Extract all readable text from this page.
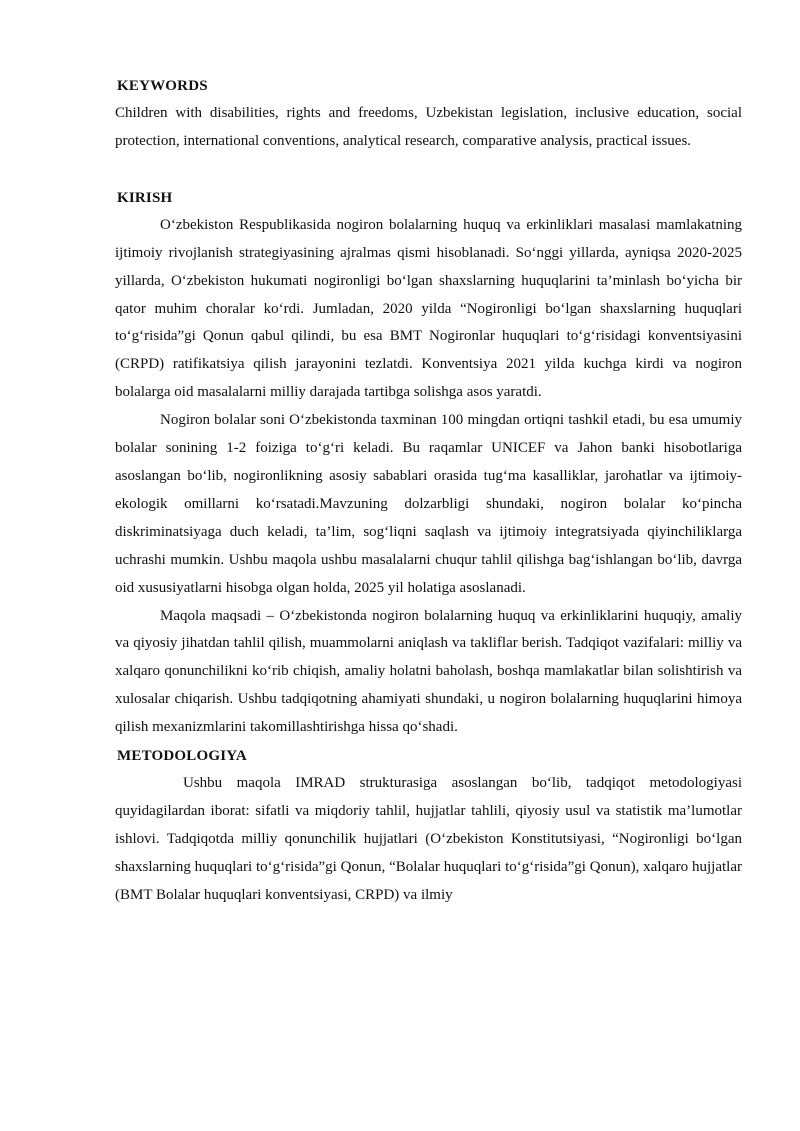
KEYWORDS

Children with disabilities, rights and freedoms, Uzbekistan legislation, inclusive education, social protection, international conventions, analytical research, comparative analysis, practical issues.

KIRISH

O‘zbekiston Respublikasida nogiron bolalarning huquq va erkinliklari masalasi mamlakatning ijtimoiy rivojlanish strategiyasining ajralmas qismi hisoblanadi. So‘nggi yillarda, ayniqsa 2020-2025 yillarda, O‘zbekiston hukumati nogironligi bo‘lgan shaxslarning huquqlarini ta’minlash bo‘yicha bir qator muhim choralar ko‘rdi. Jumladan, 2020 yilda “Nogironligi bo‘lgan shaxslarning huquqlari to‘g‘risida”gi Qonun qabul qilindi, bu esa BMT Nogironlar huquqlari to‘g‘risidagi konventsiyasini (CRPD) ratifikatsiya qilish jarayonini tezlatdi. Konventsiya 2021 yilda kuchga kirdi va nogiron bolalarga oid masalalarni milliy darajada tartibga solishga asos yaratdi.

Nogiron bolalar soni O‘zbekistonda taxminan 100 mingdan ortiqni tashkil etadi, bu esa umumiy bolalar sonining 1-2 foiziga to‘g‘ri keladi. Bu raqamlar UNICEF va Jahon banki hisobotlariga asoslangan bo‘lib, nogironlikning asosiy sabablari orasida tug‘ma kasalliklar, jarohatlar va ijtimoiy-ekologik omillarni ko‘rsatadi.Mavzuning dolzarbligi shundaki, nogiron bolalar ko‘pincha diskriminatsiyaga duch keladi, ta’lim, sog‘liqni saqlash va ijtimoiy integratsiyada qiyinchiliklarga uchrashi mumkin. Ushbu maqola ushbu masalalarni chuqur tahlil qilishga bag‘ishlangan bo‘lib, davrga oid xususiyatlarni hisobga olgan holda, 2025 yil holatiga asoslanadi.

Maqola maqsadi – O‘zbekistonda nogiron bolalarning huquq va erkinliklarini huquqiy, amaliy va qiyosiy jihatdan tahlil qilish, muammolarni aniqlash va takliflar berish. Tadqiqot vazifalari: milliy va xalqaro qonunchilikni ko‘rib chiqish, amaliy holatni baholash, boshqa mamlakatlar bilan solishtirish va xulosalar chiqarish. Ushbu tadqiqotning ahamiyati shundaki, u nogiron bolalarning huquqlarini himoya qilish mexanizmlarini takomillashtirishga hissa qo‘shadi.

METODOLOGIYA

Ushbu maqola IMRAD strukturasiga asoslangan bo‘lib, tadqiqot metodologiyasi quyidagilardan iborat: sifatli va miqdoriy tahlil, hujjatlar tahlili, qiyosiy usul va statistik ma’lumotlar ishlovi. Tadqiqotda milliy qonunchilik hujjatlari (O‘zbekiston Konstitutsiyasi, “Nogironligi bo‘lgan shaxslarning huquqlari to‘g‘risida”gi Qonun, “Bolalar huquqlari to‘g‘risida”gi Qonun), xalqaro hujjatlar (BMT Bolalar huquqlari konventsiyasi, CRPD) va ilmiy
